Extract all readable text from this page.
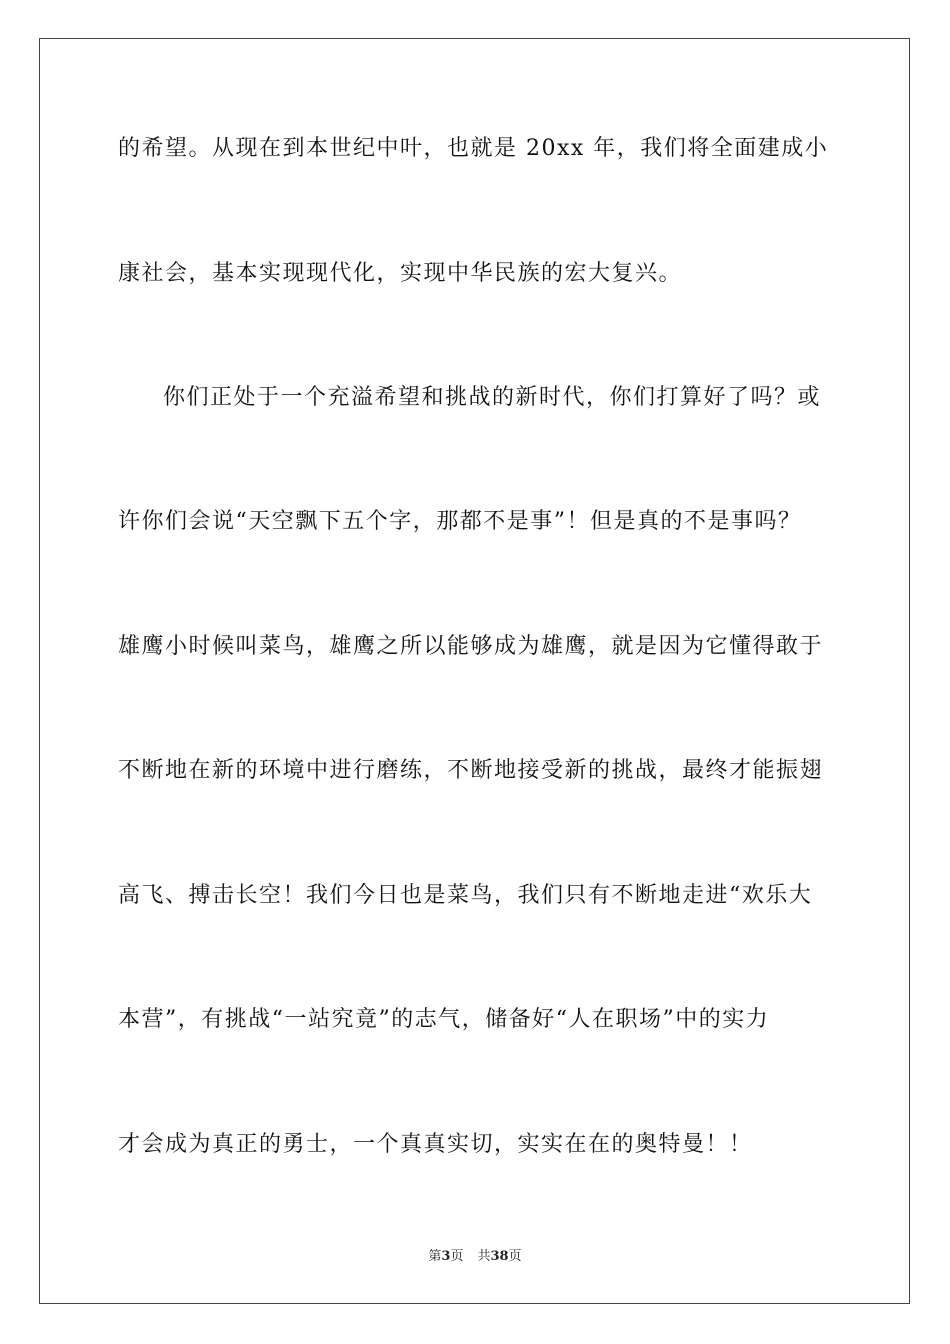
的希望。从现在到本世纪中叶，也就是 20xx 年，我们将全面建成小
康社会，基本实现现代化，实现中华民族的宏大复兴。
你们正处于一个充溢希望和挑战的新时代，你们打算好了吗？或
许你们会说“天空飘下五个字，那都不是事”！但是真的不是事吗？
雄鹰小时候叫菜鸟，雄鹰之所以能够成为雄鹰，就是因为它懂得敢于
不断地在新的环境中进行磨练，不断地接受新的挑战，最终才能振翅
高飞、搏击长空！我们今日也是菜鸟，我们只有不断地走进“欢乐大
本营”，有挑战“一站究竟”的志气，储备好“人在职场”中的实力
才会成为真正的勇士，一个真真实切，实实在在的奥特曼！！
第3页 共38页
